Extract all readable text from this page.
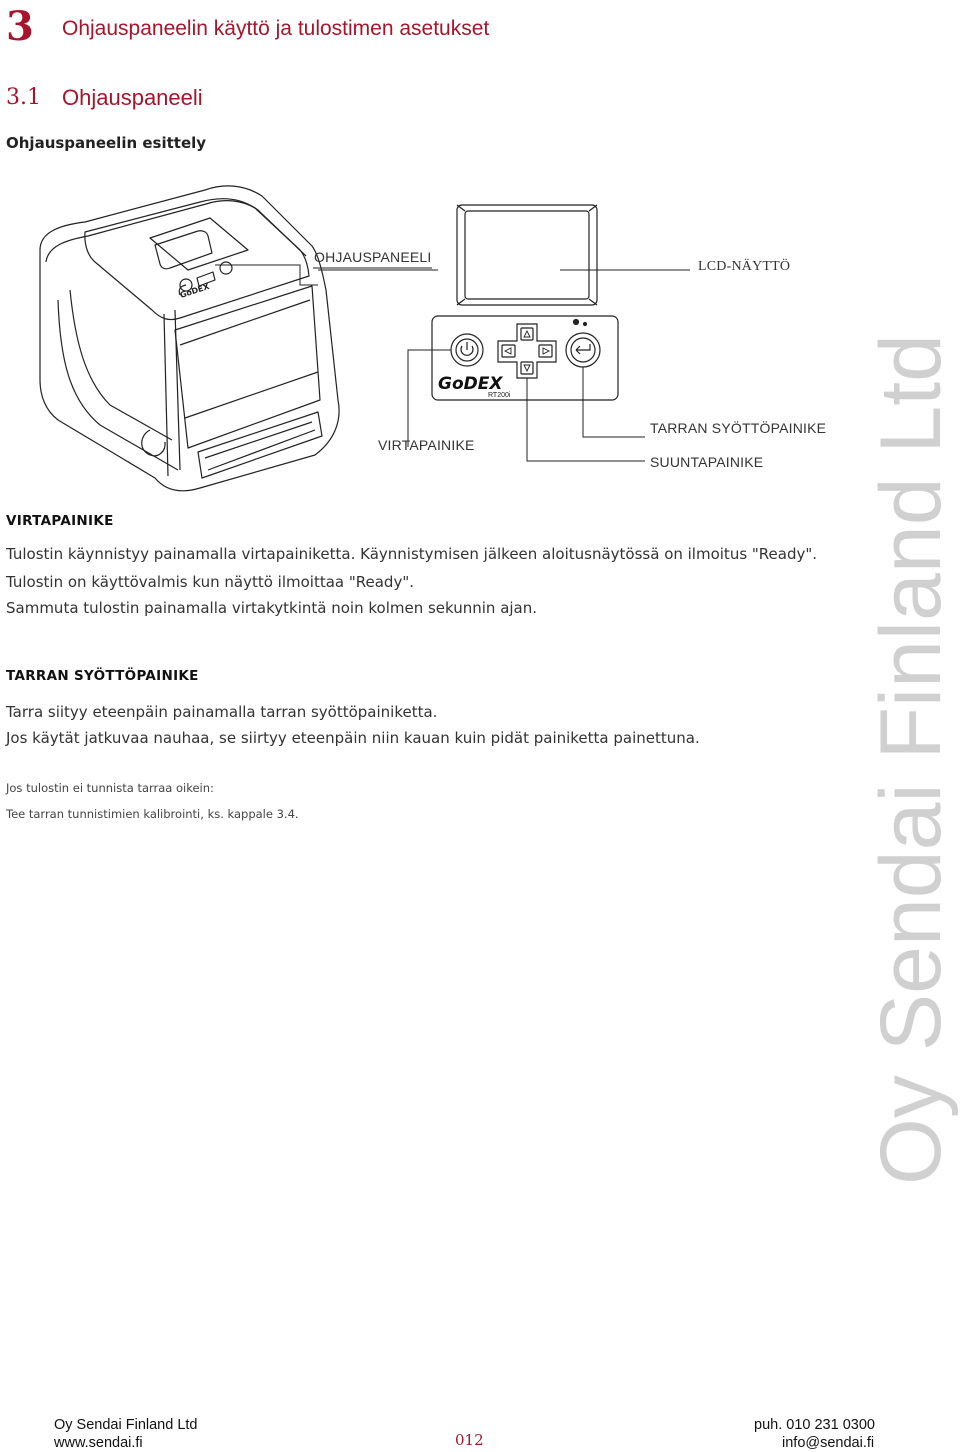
3 Ohjauspaneelin käyttö ja tulostimen asetukset
3.1 Ohjauspaneeli
Ohjauspaneelin esittely
GoDEX
GoDEX
RT200i
OHJAUSPANEELI
LCD-NÄYTTÖ
VIRTAPAINIKE
TARRAN SYÖTTÖPAINIKE
SUUNTAPAINIKE
VIRTAPAINIKE
Tulostin käynnistyy painamalla virtapainiketta. Käynnistymisen jälkeen aloitusnäytössä on ilmoitus "Ready".
Tulostin on käyttövalmis kun näyttö ilmoittaa "Ready".
Sammuta tulostin painamalla virtakytkintä noin kolmen sekunnin ajan.
TARRAN SYÖTTÖPAINIKE
Tarra siityy eteenpäin painamalla tarran syöttöpainiketta.
Jos käytät jatkuvaa nauhaa, se siirtyy eteenpäin niin kauan kuin pidät painiketta painettuna.
Jos tulostin ei tunnista tarraa oikein:
Tee tarran tunnistimien kalibrointi, ks. kappale 3.4.	Oy Sendai Finland Ltd
Oy Sendai Finland Ltd
www.sendai.fi	012
puh. 010 231 0300
info@sendai.fi
